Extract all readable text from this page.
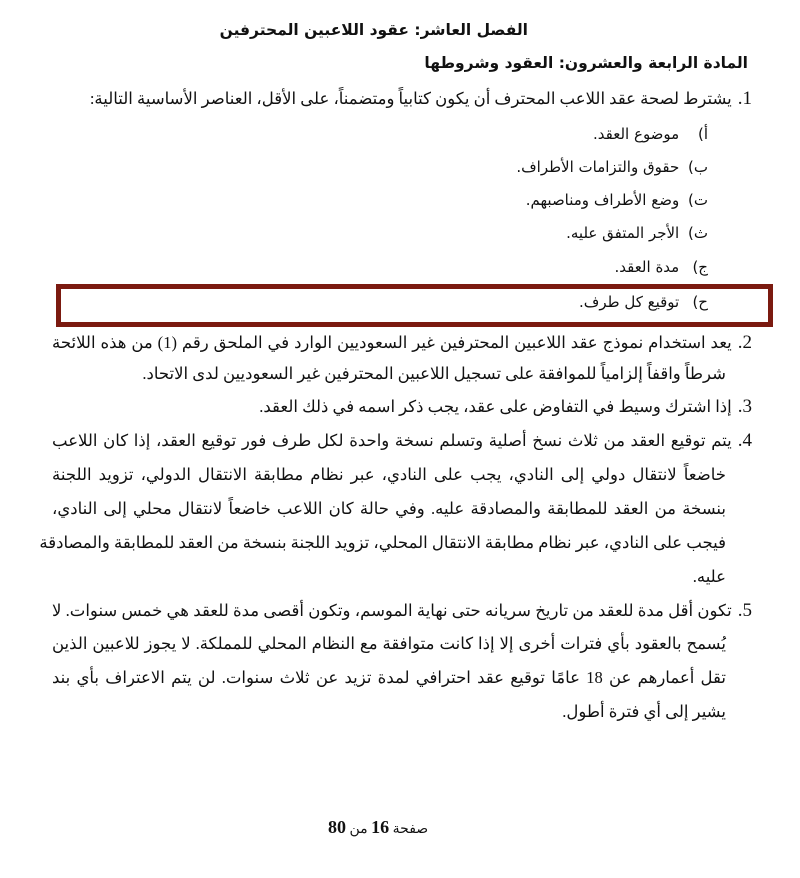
الفصل العاشر: عقود اللاعبين المحترفين
المادة الرابعة والعشرون: العقود وشروطها
1.يشترط لصحة عقد اللاعب المحترف أن يكون كتابياً ومتضمناً، على الأقل، العناصر الأساسية التالية:
أ) موضوع العقد.
ب) حقوق والتزامات الأطراف.
ت) وضع الأطراف ومناصبهم.
ث) الأجر المتفق عليه.
ج) مدة العقد.
ح) توقيع كل طرف.
2.يعد استخدام نموذج عقد اللاعبين المحترفين غير السعوديين الوارد في الملحق رقم (1) من هذه اللائحة
شرطاً واقفاً إلزامياً للموافقة على تسجيل اللاعبين المحترفين غير السعوديين لدى الاتحاد.
3.إذا اشترك وسيط في التفاوض على عقد، يجب ذكر اسمه في ذلك العقد.
4.يتم توقيع العقد من ثلاث نسخ أصلية وتسلم نسخة واحدة لكل طرف فور توقيع العقد، إذا كان اللاعب
خاضعاً لانتقال دولي إلى النادي، يجب على النادي، عبر نظام مطابقة الانتقال الدولي، تزويد اللجنة
بنسخة من العقد للمطابقة والمصادقة عليه. وفي حالة كان اللاعب خاضعاً لانتقال محلي إلى النادي،
فيجب على النادي، عبر نظام مطابقة الانتقال المحلي، تزويد اللجنة بنسخة من العقد للمطابقة والمصادقة
عليه.
5.تكون أقل مدة للعقد من تاريخ سريانه حتى نهاية الموسم، وتكون أقصى مدة للعقد هي خمس سنوات. لا
يُسمح بالعقود بأي فترات أخرى إلا إذا كانت متوافقة مع النظام المحلي للمملكة. لا يجوز للاعبين الذين
تقل أعمارهم عن 18 عامًا توقيع عقد احترافي لمدة تزيد عن ثلاث سنوات. لن يتم الاعتراف بأي بند
يشير إلى أي فترة أطول.
صفحة 16 من 80
